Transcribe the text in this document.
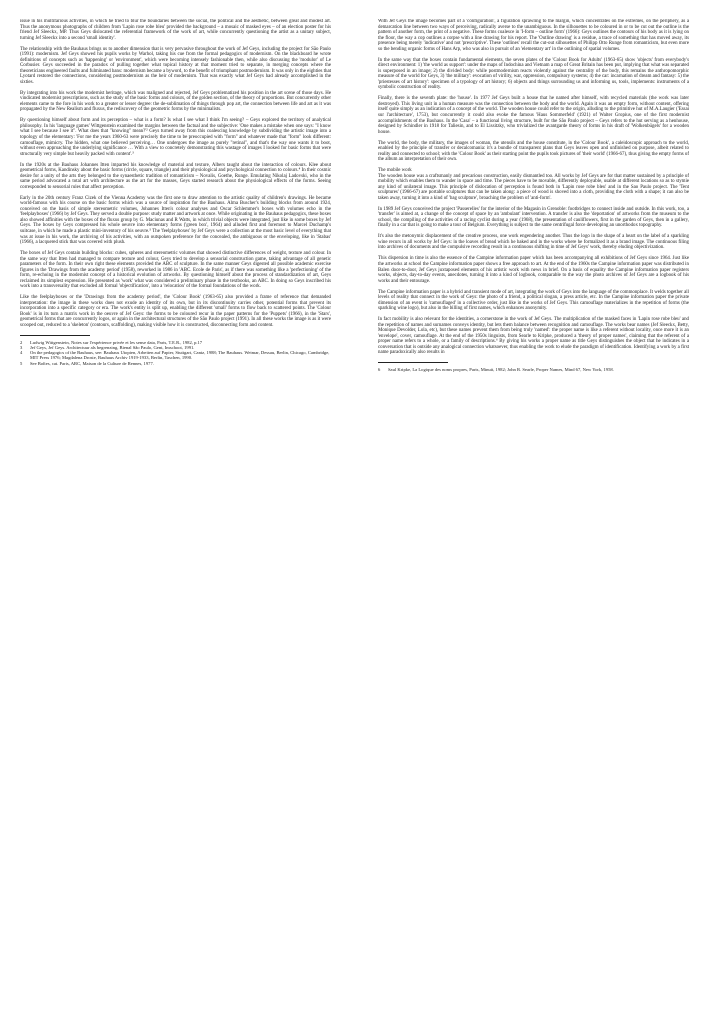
issue in his multifarious activities, in which he tried to blur the boundaries between the social, the political and the aesthetic, between great and modest art. Thus the anonymous photographs of children from 'Lapin rose robe bleu' provided the background – a mosaic of masked eyes – of an election poster for his friend Jef Sleeckx, MP. Thus Geys dislocated the referential framework of the work of art, while concurrently questioning the artist as a unitary subject, turning Jef Sleeckx into a second 'small identity'.

The relationship with the Bauhaus brings us to another dimension that is very pervasive throughout the work of Jef Geys, including the project for São Paulo (1991): modernism. Jef Geys showed his pupils works by Warhol, taking his cue from the formal pedagogics of modernism. On the blackboard he wrote definitions of concepts such as 'happening' or 'environment', which were becoming intensely fashionable then, while also discussing the 'modulor' of Le Corbusier. Geys succeeded in the paradox of pulling together what topical history at that moment tried to separate, in merging concepts where the theoreticians engineered faults and fulminated bans: modernism became a byword, to the benefit of triumphant postmodernism. It was only in the eighties that Lyotard restored the connections, considering postmodernism as the heir of modernism. That was exactly what Jef Geys had already accomplished in the sixties.

By integrating into his work the modernist heritage, which was maligned and rejected, Jef Geys problematized his position in the art scene of those days. He vindicated modernist prescriptions, such as the study of the basic forms and colours, of the golden section, of the theory of proportions. But concurrently other elements came to the fore in his work to a greater or lesser degree: the de-sublimation of things through pop art, the connection between life and art as it was propagated by the New Realism and fluxus, the rediscovery of the geometric forms by the minimalists.

By questioning himself about form and its perception – what is a form? Is what I see what I think I'm seeing? – Geys explored the territory of analytical philosophy. In his 'language games' Wittgenstein examined the margins between the factual and the subjective: 'One makes a mistake when one says: "I know what I see because I see it". What does that "knowing" mean?'² Geys turned away from this coalescing knowledge by subdividing the artistic image into a topology of the elementary: 'For me the years 1960-63 were precisely the time to be preoccupied with "form" and whatever made that "form" look different: camouflage, mimicry. The hidden, what one believed perceiving… One undergoes the image as purely "retinal", and that's the way one wants it to boot, without even approaching the underlying significance … With a view to concretely demonstrating this wastage of images I looked for basic forms that were structurally very simple but heavily packed with content'.³

In the 1920s at the Bauhaus Johannes Itten imparted his knowledge of material and texture, Albers taught about the interaction of colours. Klee about geometrical forms, Kandinsky about the basic forms (circle, square, triangle) and their physiological and psychological connection to colours.⁴ In their cosmic desire for a unity of the arts they belonged to the synaesthetic tradition of romanticism – Novalis, Goethe, Runge. Emulating Nikolaj Ladovski, who in the same period advocated a total art with architecture as the art for the masses, Geys started research about the physiological effects of the forms. Seeing corresponded to sensorial rules that affect perception.

Early in the 20th century Franz Cizek of the Vienna Academy was the first one to draw attention to the artistic quality of children's drawings. He became world-famous with his course on the basic forms which was a source of inspiration for the Bauhaus. Alma Buscher's building blocks from around 1924, conceived on the basis of simple stereometric volumes, Johannes Itten's colour analyses and Oscar Schlemmer's boxes with volumes echo in the 'feelplayboxes' (1966) by Jef Geys. They served a double purpose: study matter and artwork at once. While originating in the Bauhaus pedagogics, these boxes also showed affinities with the boxes of the fluxus group by G. Maciunas and R Watts, in which trivial objects were integrated, just like in some boxes by Jef Geys. The boxes by Geys compressed his whole oeuvre into elementary forms ('green box', 1964) and alluded first and foremost to Marcel Duchamp's suitcase, in which he made a plastic mini-inventory of his oeuvre.⁵ The 'feelplayboxes' by Jef Geys were a collection at the most basic level of everything that was at issue in his work, the archiving of his activities, with an outspoken preference for the concealed, the ambiguous or the enveloping, like in 'Stabas' (1966), a lacquered stick that was covered with plush.

The boxes of Jef Geys contain building blocks: cubes, spheres and stereometric volumes that showed distinctive differences of weight, texture and colour. In the same way that Itten had managed to compare texture and colour, Geys tried to develop a sensorial construction game, taking advantage of all genetic parameters of the form. In their own right these elements provided the ABC of sculpture. In the same manner Geys digested all possible academic exercise figures in the 'Drawings from the academy period' (1958), reworked in 1986 in 'ABC. Ecole de Paris', as if there was something like a 'perfectioning' of the form, re-echoing in the modernist concept of a historical evolution of artworks. By questioning himself about the process of standardization of art, Geys reclaimed its simplest expression. He presented as 'work' what was considered a preliminary phase in the textbooks, an ABC. In doing so Geys inscribed his work into a transversality that excluded all formal 'objectification', into a 'relocation' of the formal foundations of the work.

Like the feelplayboxes or the 'Drawings from the academy period', the 'Colour Book' (1963-65) also provided a frame of reference that demanded interpretation: the image in these works does not exude an identity of its own, but in its discontinuity carries other, potential forms that prevent its incorporation into a specific category or era. The work's entity is split up, enabling the different 'small' forms to flow back to scattered points. The 'Colour Book' is in its turn a matrix work in the oeuvre of Jef Geys: the forms to be coloured recur in the paper patterns for the 'Puppets' (1966), in the 'Stars', geometrical forms that are concurrently logos, or again in the architectural structures of the São Paulo project (1991). In all these works the image is as it were scooped out, reduced to a 'skeleton' (contours, scaffolding), making visible how it is constructed, disconnecting form and content.

2	Ludwig Wittgenstein, Notes sur l'expérience privée et les sense data, Paris, T.E.R., 1982, p.17
3	Jef Geys, Jef Geys. Architectuur als begrenzing, Bienal São Paulo, Gent, Imschoot, 1991.
4	On the pedagogics of the Bauhaus, see: Bauhaus Utopien, Arbeiten auf Papier, Stuttgart, Cantz, 1988; The Bauhaus. Weimar, Dessau, Berlin, Chicago, Cambridge, MIT Press 1976; Magdalena Droste, Bauhaus Archiv 1919-1933, Berlin, Taschen, 1990.
5	See Boîtes, cat. Paris, ARC, Maison de la Culture de Rennes, 1977.

With Jef Geys the image becomes part of a 'configuration', a figuration sprawling to the margin, which concentrates on the extremes, on the periphery, as a demarcation line between two ways of perceiving, radically averse to the unambiguous. In the silhouettes to be coloured in or to be cut out the outline is the pattern of another form, the print of a negative. These forms coalesce in 'I-form – outline form' (1966): Geys outlines the contours of his body as it is lying on the floor, the way a cop outlines a corpse with a line drawing for his report. The 'Outline drawing' is a residue, a trace of something that has moved away, its presence being merely 'indicative' and not 'prescriptive'. These 'outlines' recall the cut-out silhouettes of Philipp Otto Runge from romanticism, but even more so the bending organic forms of Hans Arp, who was also in pursuit of an 'elementary art' in the outlining of spatial volumes.

In the same way that the boxes contain fundamental elements, the seven plates of the 'Colour Book for Adults' (1963-65) show 'objects' from everybody's direct environment: 1) 'the world as support': under the maps of Indochina and Vietnam a map of Great Britain has been put, implying that what was separated is superposed in an image; 2) the divided body: while postmodernism reacts violently against the centrality of the body, this remains the anthropomorphic measure of the world for Geys, 3) 'the military': evocation of virility, war, oppression, compulsory systems; 4) the car: incarnation of dream and fantasy: 5) the 'priestesses of art history': specimen of a typology of art history; 6) objects and things surrounding us and informing us, tools, implements: instruments of a symbolic construction of reality.

Finally, there is the seventh plate: the 'house'. In 1977 Jef Geys built a house that he named after himself, with recycled materials (the work was later destroyed). This living unit in a human measure was the connection between the body and the world. Again it was an empty form, without content, offering itself quite simply as an indication of a concept of the world. The wooden house could refer to the origin, alluding to the primitive hut of M.A.Laugier ('Essai sur l'architecture', 1753), but concurrently it could also evoke the famous 'Haus Sommerfeld' (1921) of Walter Gropius, one of the first modernist accomplishments of the Bauhaus. In the 'Casa' – a functional living structure, built for the São Paulo project – Geys refers to the hut serving as a henhouse, designed by Schindler in 1918 for Taliesin, and to El Lissitzky, who trivialized the avantgarde theory of forms in his draft of 'Wolkenbügels' for a wooden house.

The world, the body, the military, the images of woman, the utensils and the house constitute, in the 'Colour Book', a caleidoscopic approach to the world, enabled by the principle of transfer or decalcomania: it's a bundle of transparent plans that Geys leaves open and unfinished on purpose, albeit related to reality and connected to school; with the 'Colour Book' as their starting point the pupils took pictures of 'their world' (1966-67), thus giving the empty forms of the album an interpretation of their own.

The mobile work

The wooden house was a craftsmanly and precarious construction, easily dismantled too. All works by Jef Geys are for that matter sustained by a principle of mobility which enables them to wander in space and time. The pieces have to be movable, differently deployable, usable at different locations so as to stymie any kind of unilateral image. This principle of dislocation of perception is found both in 'Lapin rose robe bleu' and in the Sao Paulo project. The 'Tent sculptures' (1966-67) are portable sculptures that can be taken along: a piece of wood is shoved into a cloth, providing the cloth with a shape; it can also be taken away, turning it into a kind of 'bag sculpture', broaching the problem of 'anti-form'.

In 1989 Jef Geys conceived the project 'Passerelles' for the interior of the Magasin in Grenoble: footbridges to connect inside and outside. In this work, too, a 'transfer' is aimed at, a change of the concept of space by an 'ambulant' intervention. A transfer is also the 'deportation' of artworks from the museum to the school, the compiling of the activities of a racing cyclist during a year (1968), the presentation of cauliflowers, first in the garden of Geys, then in a gallery, finally in a car that is going to make a tour of Belgium. Everything is subject to the same centrifugal force developing an unorthodox topography.

It's also the metonymic displacement of the creative process, one work engendering another. Thus the logo in the shape of a heart on the label of a sparkling wine recurs in all works by Jef Geys: in the loaves of bread which he baked and in the works where he formalized it as a brand image. The continuous filing into archives of documents and the compulsive recording result in a continuous shifting in time of Jef Geys' work, thereby eluding objectivization.

This dispersion in time is also the essence of the Campine information paper which has been accompanying all exhibitions of Jef Geys since 1964. Just like the artworks at school the Campine information paper shows a free approach to art. At the end of the 1960s the Campine information paper was distributed in Balen door-to-door, Jef Geys juxtaposed elements of his artistic work with news in brief. On a basis of equality the Campine information paper registers works, objects, day-to-day events, anecdotes, turning it into a kind of logbook, comparable to the way the photo archives of Jef Geys are a logbook of his works and their entourage.

The Campine information paper is a hybrid and transient mode of art, integrating the work of Geys into the language of the commonplace. It welds together all levels of reality that connect in the work of Geys: the photo of a friend, a political slogan, a press article, etc. In the Campine information paper the private dimension of an event is 'camouflaged' in a collective order, just like in the works of Jef Geys. This camouflage materializes in the repetition of forms (the sparkling wine logo), but also in the billing of first names, which enhances anonymity.

In fact mobility is also relevant for the identities, a cornerstone in the work of Jef Geys. The multiplication of the masked faces in 'Lapin rose robe bleu' and the repetition of names and surnames conveys identity, but lets them balance between recognition and camouflage. The works bear names (Jef Sleeckx, Betty, Monique Devolder, Lola, etc), but these names prevent them from being truly 'named': the proper name is like a referent without locality, once more it is an 'envelope', cover, camouflage. At the end of the 1950s linguists, from Searle to Kripke, produced a 'theory of proper names', claiming that the referent of a proper name refers to a whole, or a family of descriptions.⁶ By giving his works a proper name as title Geys distinguishes the object that he indicates in a conversation that is outside any analogical connection whatsoever, thus enabling the work to elude the paradigm of identification. Identifying a work by a first name paradoxically also results in

6	Saul Kripke, La Logique des noms propres, Paris, Minuit, 1982; John R. Searle, Proper Names, Mind 67, New York, 1958.
